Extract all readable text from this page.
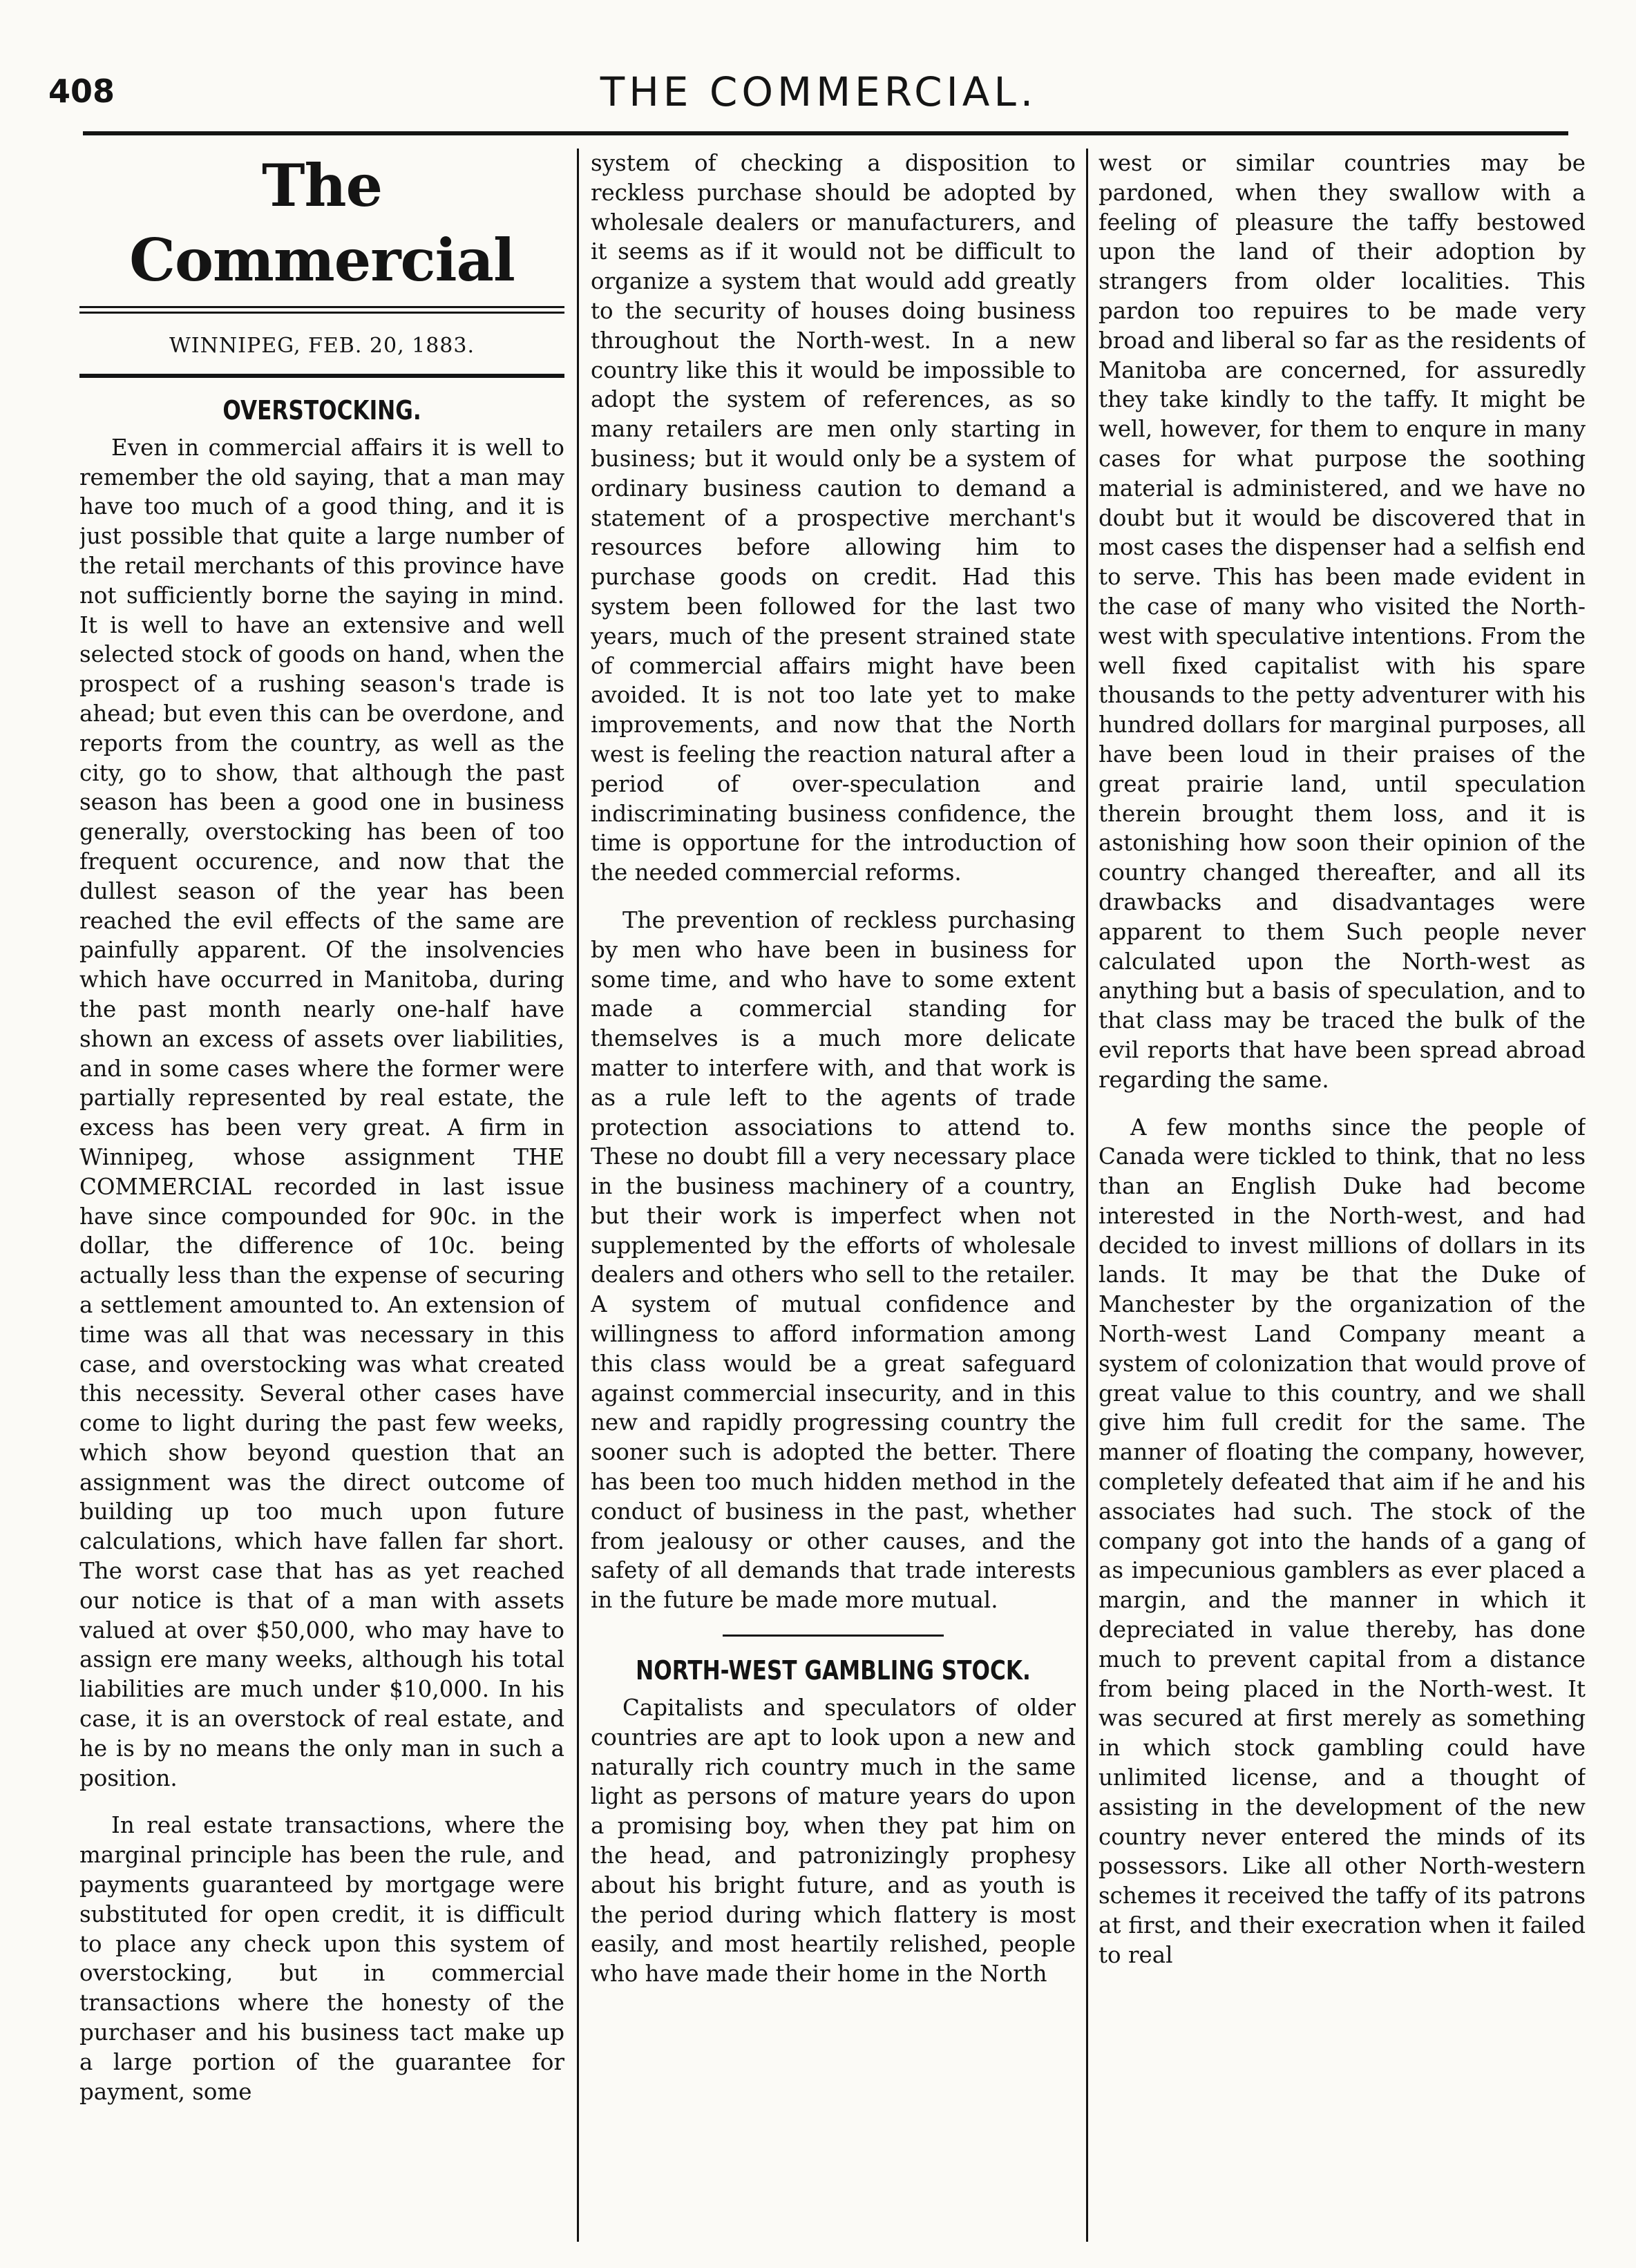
408	THE COMMERCIAL.
The Commercial
WINNIPEG, FEB. 20, 1883.
OVERSTOCKING.

Even in commercial affairs it is well to remember the old saying, that a man may have too much of a good thing, and it is just possible that quite a large number of the retail merchants of this province have not sufficiently borne the saying in mind. It is well to have an extensive and well selected stock of goods on hand, when the prospect of a rushing season's trade is ahead; but even this can be overdone, and reports from the country, as well as the city, go to show, that although the past season has been a good one in business generally, overstocking has been of too frequent occurence, and now that the dullest season of the year has been reached the evil effects of the same are painfully apparent. Of the insolvencies which have occurred in Manitoba, during the past month nearly one-half have shown an excess of assets over liabilities, and in some cases where the former were partially represented by real estate, the excess has been very great. A firm in Winnipeg, whose assignment THE COMMERCIAL recorded in last issue have since compounded for 90c. in the dollar, the difference of 10c. being actually less than the expense of securing a settlement amounted to. An extension of time was all that was necessary in this case, and overstocking was what created this necessity. Several other cases have come to light during the past few weeks, which show beyond question that an assignment was the direct outcome of building up too much upon future calculations, which have fallen far short. The worst case that has as yet reached our notice is that of a man with assets valued at over $50,000, who may have to assign ere many weeks, although his total liabilities are much under $10,000. In his case, it is an overstock of real estate, and he is by no means the only man in such a position.

In real estate transactions, where the marginal principle has been the rule, and payments guaranteed by mortgage were substituted for open credit, it is difficult to place any check upon this system of overstocking, but in commercial transactions where the honesty of the purchaser and his business tact make up a large portion of the guarantee for payment, some

system of checking a disposition to reckless purchase should be adopted by wholesale dealers or manufacturers, and it seems as if it would not be difficult to organize a system that would add greatly to the security of houses doing business throughout the North-west. In a new country like this it would be impossible to adopt the system of references, as so many retailers are men only starting in business; but it would only be a system of ordinary business caution to demand a statement of a prospective merchant's resources before allowing him to purchase goods on credit. Had this system been followed for the last two years, much of the present strained state of commercial affairs might have been avoided. It is not too late yet to make improvements, and now that the North west is feeling the reaction natural after a period of over-speculation and indiscriminating business confidence, the time is opportune for the introduction of the needed commercial reforms.

The prevention of reckless purchasing by men who have been in business for some time, and who have to some extent made a commercial standing for themselves is a much more delicate matter to interfere with, and that work is as a rule left to the agents of trade protection associations to attend to. These no doubt fill a very necessary place in the business machinery of a country, but their work is imperfect when not supplemented by the efforts of wholesale dealers and others who sell to the retailer. A system of mutual confidence and willingness to afford information among this class would be a great safeguard against commercial insecurity, and in this new and rapidly progressing country the sooner such is adopted the better. There has been too much hidden method in the conduct of business in the past, whether from jealousy or other causes, and the safety of all demands that trade interests in the future be made more mutual.

NORTH-WEST GAMBLING STOCK.

Capitalists and speculators of older countries are apt to look upon a new and naturally rich country much in the same light as persons of mature years do upon a promising boy, when they pat him on the head, and patronizingly prophesy about his bright future, and as youth is the period during which flattery is most easily, and most heartily relished, people who have made their home in the North

west or similar countries may be pardoned, when they swallow with a feeling of pleasure the taffy bestowed upon the land of their adoption by strangers from older localities. This pardon too repuires to be made very broad and liberal so far as the residents of Manitoba are concerned, for assuredly they take kindly to the taffy. It might be well, however, for them to enqure in many cases for what purpose the soothing material is administered, and we have no doubt but it would be discovered that in most cases the dispenser had a selfish end to serve. This has been made evident in the case of many who visited the North-west with speculative intentions. From the well fixed capitalist with his spare thousands to the petty adventurer with his hundred dollars for marginal purposes, all have been loud in their praises of the great prairie land, until speculation therein brought them loss, and it is astonishing how soon their opinion of the country changed thereafter, and all its drawbacks and disadvantages were apparent to them Such people never calculated upon the North-west as anything but a basis of speculation, and to that class may be traced the bulk of the evil reports that have been spread abroad regarding the same.

A few months since the people of Canada were tickled to think, that no less than an English Duke had become interested in the North-west, and had decided to invest millions of dollars in its lands. It may be that the Duke of Manchester by the organization of the North-west Land Company meant a system of colonization that would prove of great value to this country, and we shall give him full credit for the same. The manner of floating the company, however, completely defeated that aim if he and his associates had such. The stock of the company got into the hands of a gang of as impecunious gamblers as ever placed a margin, and the manner in which it depreciated in value thereby, has done much to prevent capital from a distance from being placed in the North-west. It was secured at first merely as something in which stock gambling could have unlimited license, and a thought of assisting in the development of the new country never entered the minds of its possessors. Like all other North-western schemes it received the taffy of its patrons at first, and their execration when it failed to real
